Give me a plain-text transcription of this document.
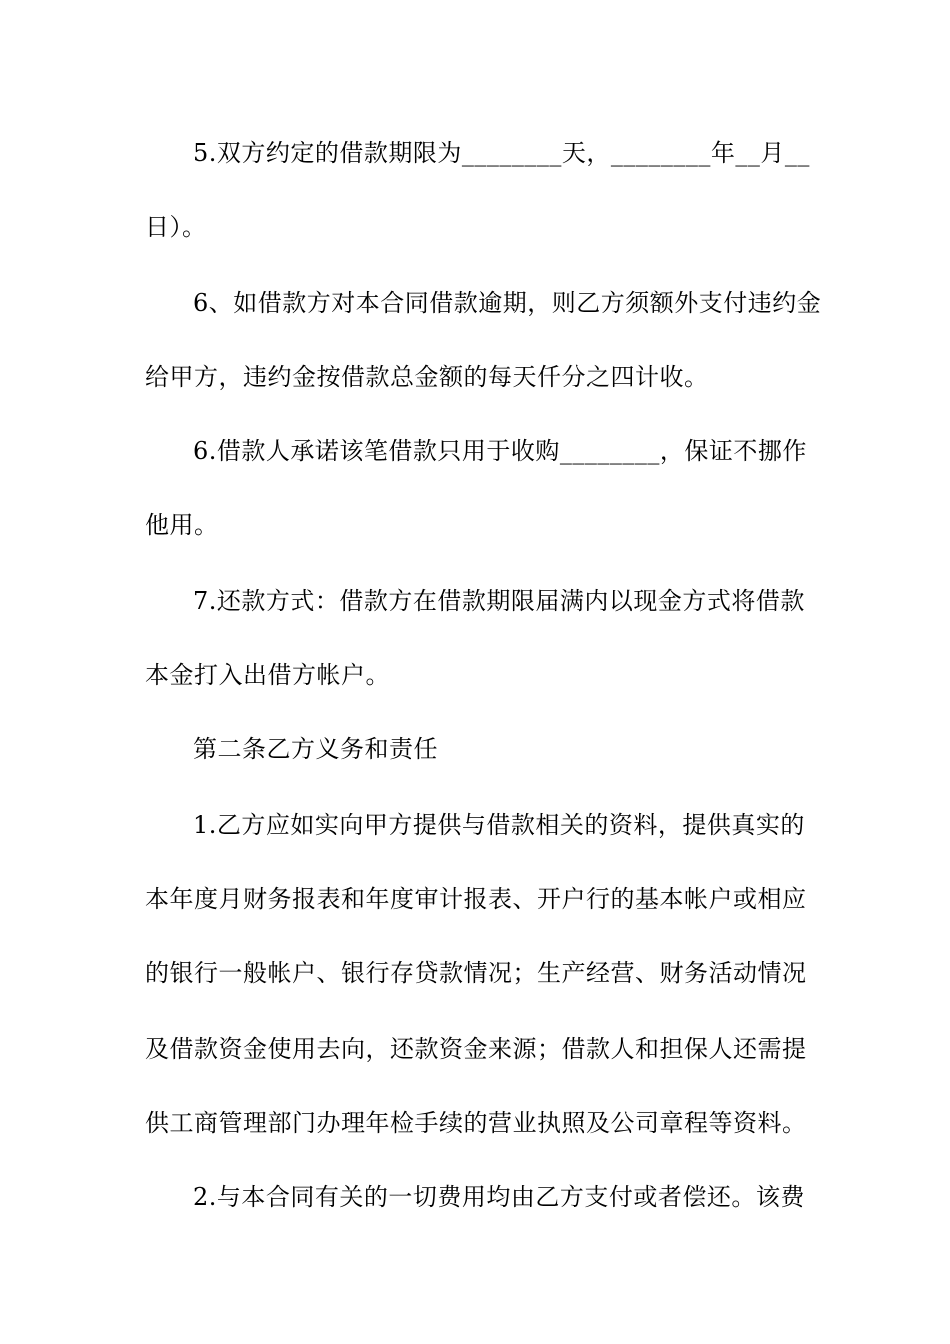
5.双方约定的借款期限为________天，________年__月__
日）。
6、如借款方对本合同借款逾期，则乙方须额外支付违约金
给甲方，违约金按借款总金额的每天仟分之四计收。
6.借款人承诺该笔借款只用于收购________，保证不挪作
他用。
7.还款方式：借款方在借款期限届满内以现金方式将借款
本金打入出借方帐户。
第二条乙方义务和责任
1.乙方应如实向甲方提供与借款相关的资料，提供真实的
本年度月财务报表和年度审计报表、开户行的基本帐户或相应
的银行一般帐户、银行存贷款情况；生产经营、财务活动情况
及借款资金使用去向，还款资金来源；借款人和担保人还需提
供工商管理部门办理年检手续的营业执照及公司章程等资料。
2.与本合同有关的一切费用均由乙方支付或者偿还。该费
